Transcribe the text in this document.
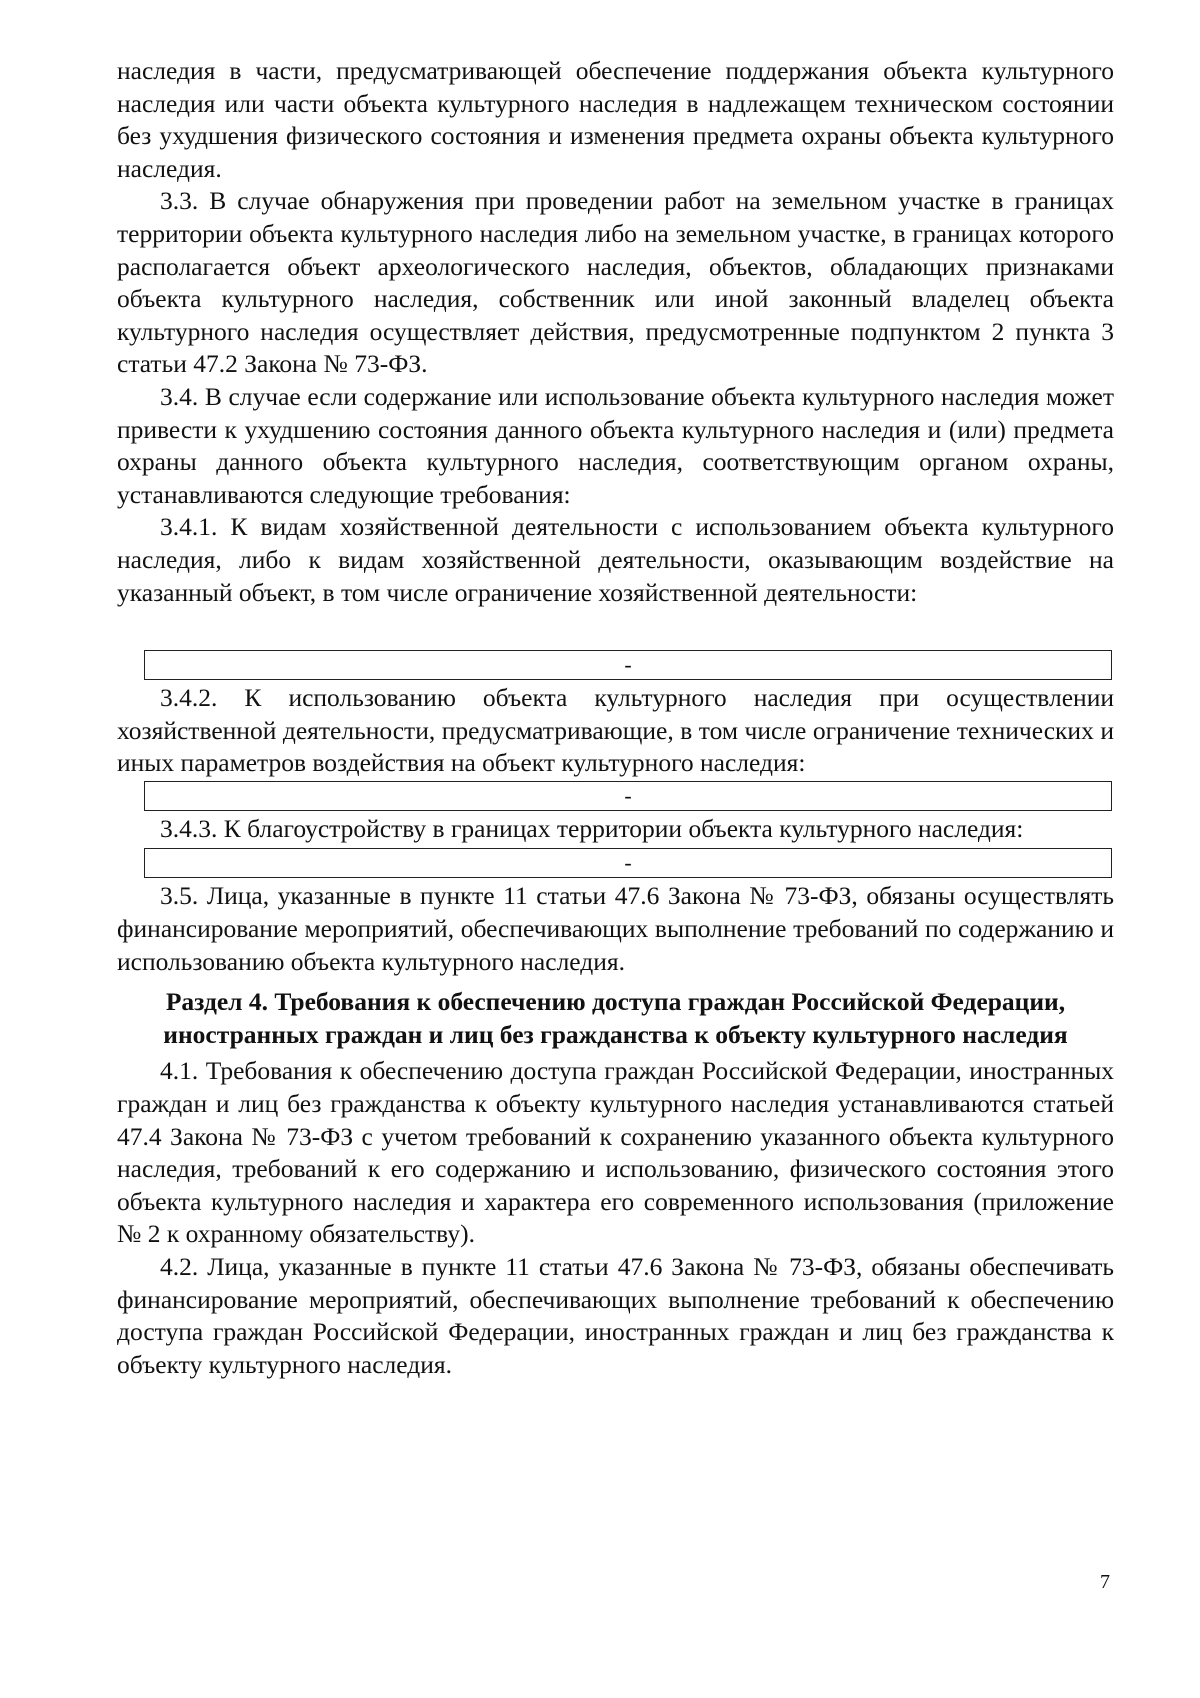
наследия в части, предусматривающей обеспечение поддержания объекта культурного наследия или части объекта культурного наследия в надлежащем техническом состоянии без ухудшения физического состояния и изменения предмета охраны объекта культурного наследия.

3.3. В случае обнаружения при проведении работ на земельном участке в границах территории объекта культурного наследия либо на земельном участке, в границах которого располагается объект археологического наследия, объектов, обладающих признаками объекта культурного наследия, собственник или иной законный владелец объекта культурного наследия осуществляет действия, предусмотренные подпунктом 2 пункта 3 статьи 47.2 Закона № 73-ФЗ.

3.4. В случае если содержание или использование объекта культурного наследия может привести к ухудшению состояния данного объекта культурного наследия и (или) предмета охраны данного объекта культурного наследия, соответствующим органом охраны, устанавливаются следующие требования:

3.4.1. К видам хозяйственной деятельности с использованием объекта культурного наследия, либо к видам хозяйственной деятельности, оказывающим воздействие на указанный объект, в том числе ограничение хозяйственной деятельности:

-

3.4.2. К использованию объекта культурного наследия при осуществлении хозяйственной деятельности, предусматривающие, в том числе ограничение технических и иных параметров воздействия на объект культурного наследия:

-

3.4.3. К благоустройству в границах территории объекта культурного наследия:

-

3.5. Лица, указанные в пункте 11 статьи 47.6 Закона № 73-ФЗ, обязаны осуществлять финансирование мероприятий, обеспечивающих выполнение требований по содержанию и использованию объекта культурного наследия.

Раздел 4. Требования к обеспечению доступа граждан Российской Федерации, иностранных граждан и лиц без гражданства к объекту культурного наследия

4.1. Требования к обеспечению доступа граждан Российской Федерации, иностранных граждан и лиц без гражданства к объекту культурного наследия устанавливаются статьей 47.4 Закона № 73-ФЗ с учетом требований к сохранению указанного объекта культурного наследия, требований к его содержанию и использованию, физического состояния этого объекта культурного наследия и характера его современного использования (приложение № 2 к охранному обязательству).

4.2. Лица, указанные в пункте 11 статьи 47.6 Закона № 73-ФЗ, обязаны обеспечивать финансирование мероприятий, обеспечивающих выполнение требований к обеспечению доступа граждан Российской Федерации, иностранных граждан и лиц без гражданства к объекту культурного наследия.

7
